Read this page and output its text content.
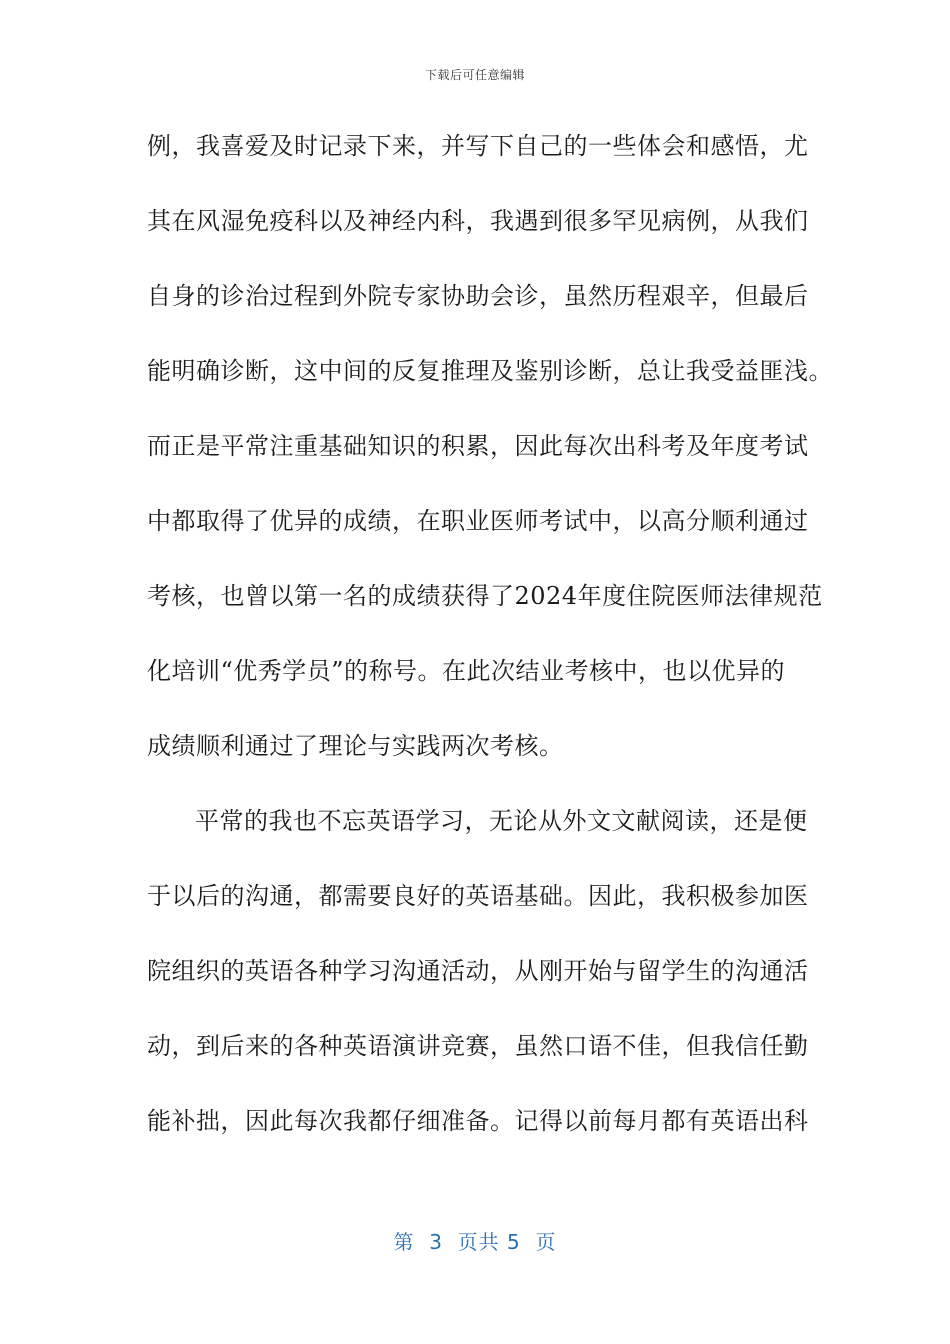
下载后可任意编辑
例，我喜爱及时记录下来，并写下自己的一些体会和感悟，尤
其在风湿免疫科以及神经内科，我遇到很多罕见病例，从我们
自身的诊治过程到外院专家协助会诊，虽然历程艰辛，但最后
能明确诊断，这中间的反复推理及鉴别诊断，总让我受益匪浅。
而正是平常注重基础知识的积累，因此每次出科考及年度考试
中都取得了优异的成绩，在职业医师考试中，以高分顺利通过
考核，也曾以第一名的成绩获得了2024年度住院医师法律规范
化培训“优秀学员”的称号。在此次结业考核中，也以优异的
成绩顺利通过了理论与实践两次考核。
平常的我也不忘英语学习，无论从外文文献阅读，还是便
于以后的沟通，都需要良好的英语基础。因此，我积极参加医
院组织的英语各种学习沟通活动，从刚开始与留学生的沟通活
动，到后来的各种英语演讲竞赛，虽然口语不佳，但我信任勤
能补拙，因此每次我都仔细准备。记得以前每月都有英语出科
第  3  页共 5  页
